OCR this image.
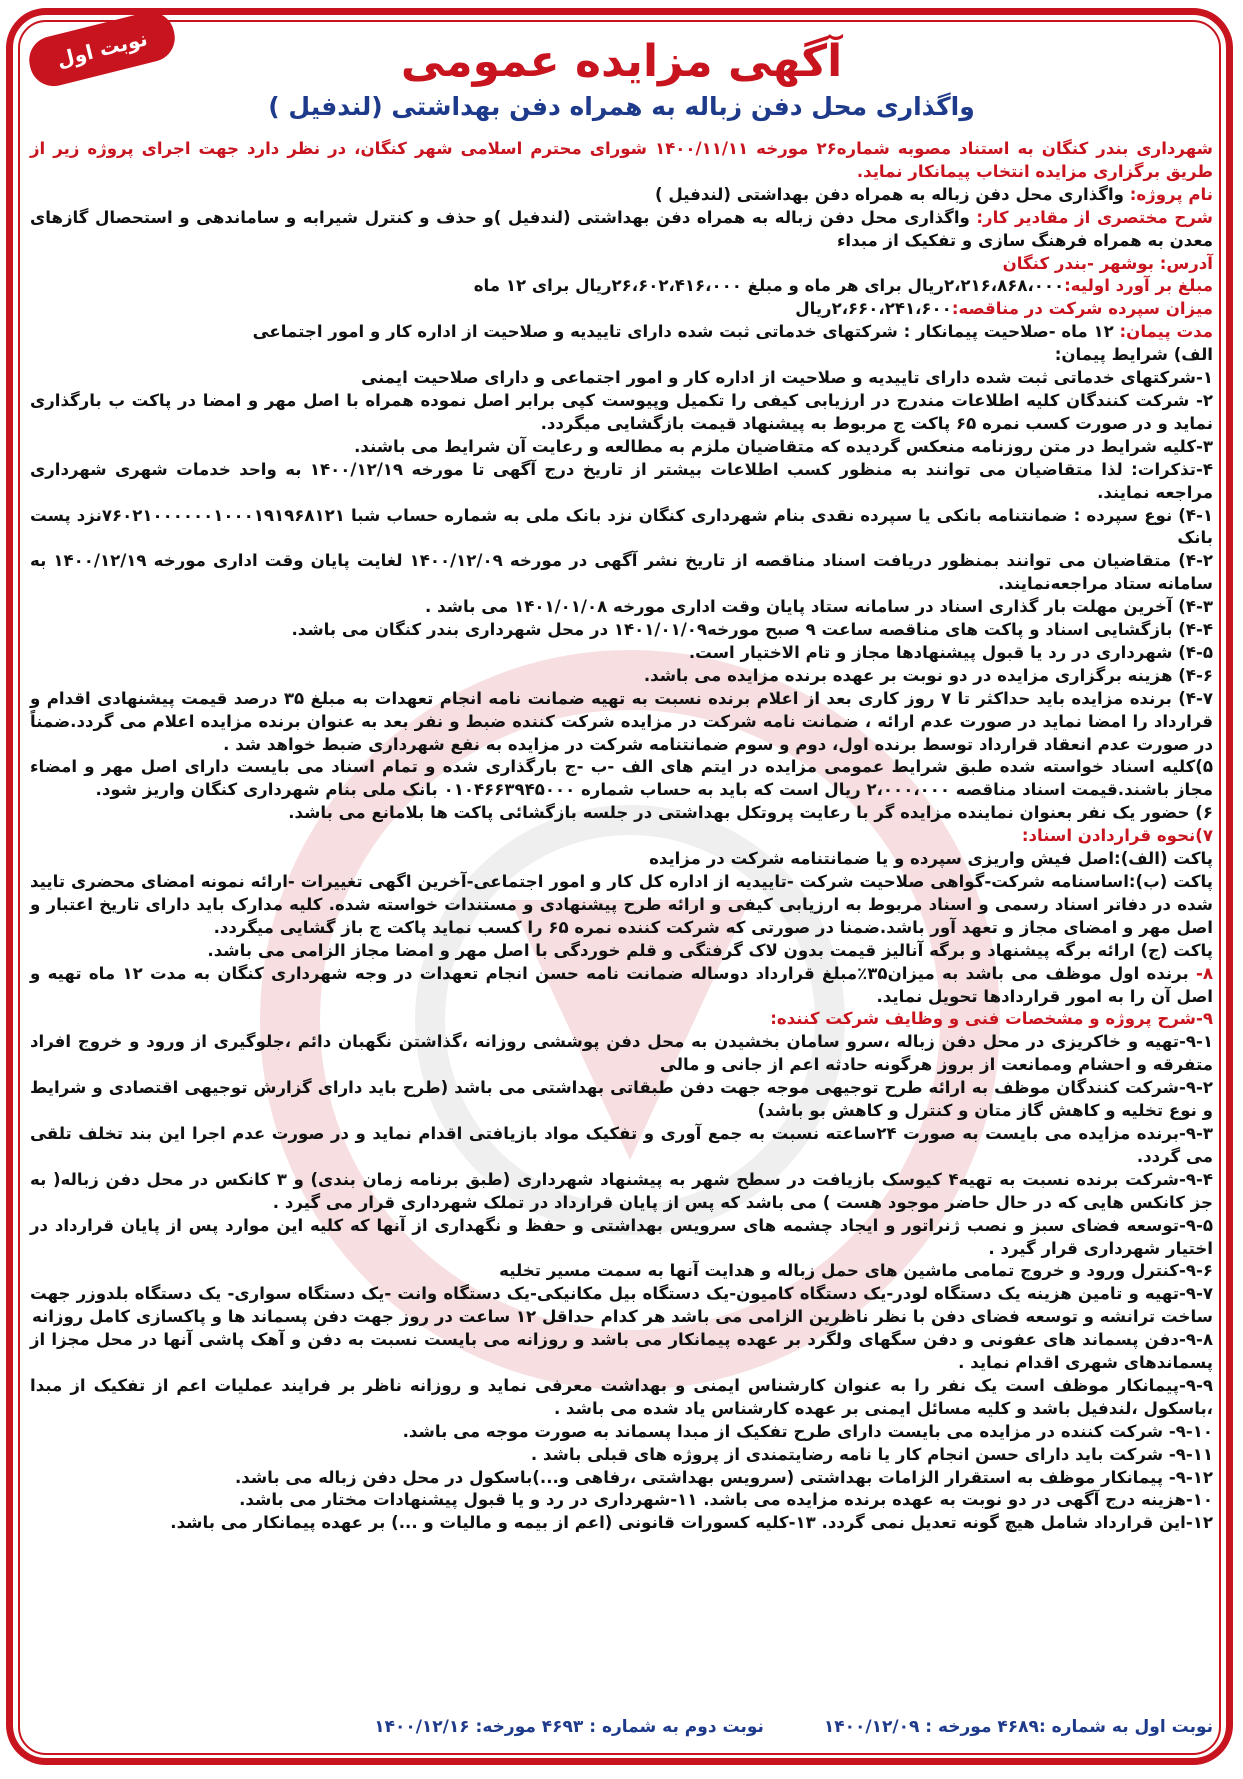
نوبت اول	آگهی مزایده عمومی
واگذاری محل دفن زباله به همراه دفن بهداشتی (لندفیل )

شهرداری بندر کنگان به استناد مصوبه شماره۲۶ مورخه ۱۴۰۰/۱۱/۱۱ شورای محترم اسلامی شهر کنگان، در نظر دارد جهت اجرای پروژه زیر از طریق برگزاری مزایده انتخاب پیمانکار نماید.

نام پروژه: واگذاری محل دفن زباله به همراه دفن بهداشتی (لندفیل )

شرح مختصری از مقادیر کار: واگذاری محل دفن زباله به همراه دفن بهداشتی (لندفیل )و حذف و کنترل شیرابه و ساماندهی و استحصال گازهای معدن به همراه فرهنگ سازی و تفکیک از مبداء

آدرس: بوشهر -بندر کنگان

مبلغ بر آورد اولیه:۲،۲۱۶،۸۶۸،۰۰۰ریال برای هر ماه و مبلغ ۲۶،۶۰۲،۴۱۶،۰۰۰ریال برای ۱۲ ماه

میزان سپرده شرکت در مناقصه:۲،۶۶۰،۲۴۱،۶۰۰ریال

مدت پیمان: ۱۲ ماه -صلاحیت پیمانکار : شرکتهای خدماتی ثبت شده دارای تاییدیه و صلاحیت از اداره کار و امور اجتماعی

الف) شرایط پیمان:

۱-شرکتهای خدماتی ثبت شده دارای تاییدیه و صلاحیت از اداره کار و امور اجتماعی و دارای صلاحیت ایمنی

۲- شرکت کنندگان کلیه اطلاعات مندرج در ارزیابی کیفی را تکمیل وپیوست کپی برابر اصل نموده همراه با اصل مهر و امضا در پاکت ب بارگذاری نماید و در صورت کسب نمره ۶۵ پاکت ج مربوط به پیشنهاد قیمت بازگشایی میگردد.

۳-کلیه شرایط در متن روزنامه منعکس گردیده که متقاضیان ملزم به مطالعه و رعایت آن شرایط می باشند.

۴-تذکرات: لذا متقاضیان می توانند به منظور کسب اطلاعات بیشتر از تاریخ درج آگهی تا مورخه ۱۴۰۰/۱۲/۱۹ به واحد خدمات شهری شهرداری مراجعه نمایند.

۴-۱) نوع سپرده : ضمانتنامه بانکی یا سپرده نقدی بنام شهرداری کنگان نزد بانک ملی به شماره حساب شبا ۷۶۰۲۱۰۰۰۰۰۰۱۰۰۰۱۹۱۹۶۸۱۲۱نزد پست بانک

۴-۲) متقاضیان می توانند بمنظور دریافت اسناد مناقصه از تاریخ نشر آگهی در مورخه ۱۴۰۰/۱۲/۰۹ لغایت پایان وقت اداری مورخه ۱۴۰۰/۱۲/۱۹ به سامانه ستاد مراجعه‌نمایند.

۴-۳) آخرین مهلت بار گذاری اسناد در سامانه ستاد پایان وقت اداری مورخه ۱۴۰۱/۰۱/۰۸ می باشد .

۴-۴) بازگشایی اسناد و پاکت های مناقصه ساعت ۹ صبح مورخه۱۴۰۱/۰۱/۰۹ در محل شهرداری بندر کنگان می باشد.

۴-۵) شهرداری در رد یا قبول پیشنهادها مجاز و تام الاختیار است.

۴-۶) هزینه برگزاری مزایده در دو نوبت بر عهده برنده مزایده می باشد.

۴-۷) برنده مزایده باید حداکثر تا ۷ روز کاری بعد از اعلام برنده نسبت به تهیه ضمانت نامه انجام تعهدات به مبلغ ۳۵ درصد قیمت پیشنهادی اقدام و قرارداد را امضا نماید در صورت عدم ارائه ، ضمانت نامه شرکت در مزایده شرکت کننده ضبط و نفر بعد به عنوان برنده مزایده اعلام می گردد.ضمناً در صورت عدم انعقاد قرارداد توسط برنده اول، دوم و سوم ضمانتنامه شرکت در مزایده به نفع شهرداری ضبط خواهد شد .

۵)کلیه اسناد خواسته شده طبق شرایط عمومی مزایده در ایتم های الف -ب -ج بارگذاری شده و تمام اسناد می بایست دارای اصل مهر و امضاء مجاز باشند.قیمت اسناد مناقصه ۲،۰۰۰،۰۰۰ ریال است که باید به حساب شماره ۰۱۰۴۶۶۳۹۴۵۰۰۰ بانک ملی بنام شهرداری کنگان واریز شود.

۶) حضور یک نفر بعنوان نماینده مزایده گر با رعایت پروتکل بهداشتی در جلسه بازگشائی پاکت ها بلامانع می باشد.

۷)نحوه قراردادن اسناد:

پاکت (الف):اصل فیش واریزی سپرده و یا ضمانتنامه شرکت در مزایده

پاکت (ب):اساسنامه شرکت-گواهی صلاحیت شرکت -تاییدیه از اداره کل کار و امور اجتماعی-آخرین اگهی تغییرات -ارائه نمونه امضای محضری تایید شده در دفاتر اسناد رسمی و اسناد مربوط به ارزیابی کیفی و ارائه طرح پیشنهادی و مستندات خواسته شده. کلیه مدارک باید دارای تاریخ اعتبار و اصل مهر و امضای مجاز و تعهد آور باشد.ضمنا در صورتی که شرکت کننده نمره ۶۵ را کسب نماید پاکت ج باز گشایی میگردد.

پاکت (ج) ارائه برگه پیشنهاد و برگه آنالیز قیمت بدون لاک گرفتگی و قلم خوردگی با اصل مهر و امضا مجاز الزامی می باشد.

۸- برنده اول موظف می باشد به میزان۳۵٪مبلغ قرارداد دوساله ضمانت نامه حسن انجام تعهدات در وجه شهرداری کنگان به مدت ۱۲ ماه تهیه و اصل آن را به امور قراردادها تحویل نماید.

۹-شرح پروژه و مشخصات فنی و وظایف شرکت کننده:

۹-۱-تهیه و خاکریزی در محل دفن زباله ،سرو سامان بخشیدن به محل دفن پوششی روزانه ،گذاشتن نگهبان دائم ،جلوگیری از ورود و خروج افراد متفرقه و احشام وممانعت از بروز هرگونه حادثه اعم از جانی و مالی

۹-۲-شرکت کنندگان موظف به ارائه طرح توجیهی موجه جهت دفن طبقاتی بهداشتی می باشد (طرح باید دارای گزارش توجیهی اقتصادی و شرایط و نوع تخلیه و کاهش گاز متان و کنترل و کاهش بو باشد)

۹-۳-برنده مزایده می بایست به صورت ۲۴ساعته نسبت به جمع آوری و تفکیک مواد بازیافتی اقدام نماید و در صورت عدم اجرا این بند تخلف تلقی می گردد.

۹-۴-شرکت برنده نسبت به تهیه۴ کیوسک بازیافت در سطح شهر به پیشنهاد شهرداری (طبق برنامه زمان بندی) و ۳ کانکس در محل دفن زباله( به جز کانکس هایی که در حال حاضر موجود هست ) می باشد که پس از پایان قرارداد در تملک شهرداری قرار می گیرد .

۹-۵-توسعه فضای سبز و نصب ژنراتور و ایجاد چشمه های سرویس بهداشتی و حفظ و نگهداری از آنها که کلیه این موارد پس از پایان قرارداد در اختیار شهرداری قرار گیرد .

۹-۶-کنترل ورود و خروج تمامی ماشین های حمل زباله و هدایت آنها به سمت مسیر تخلیه

۹-۷-تهیه و تامین هزینه یک دستگاه لودر-یک دستگاه کامیون-یک دستگاه بیل مکانیکی-یک دستگاه وانت -یک دستگاه سواری- یک دستگاه بلدوزر جهت ساخت ترانشه و توسعه فضای دفن با نظر ناظرین الزامی می باشد هر کدام حداقل ۱۲ ساعت در روز جهت دفن پسماند ها و پاکسازی کامل روزانه

۹-۸-دفن پسماند های عفونی و دفن سگهای ولگرد بر عهده پیمانکار می باشد و روزانه می بایست نسبت به دفن و آهک پاشی آنها در محل مجزا از پسماندهای شهری اقدام نماید .

۹-۹-پیمانکار موظف است یک نفر را به عنوان کارشناس ایمنی و بهداشت معرفی نماید و روزانه ناظر بر فرایند عملیات اعم از تفکیک از مبدا ،باسکول ،لندفیل باشد و کلیه مسائل ایمنی بر عهده کارشناس یاد شده می باشد .

۹-۱۰- شرکت کننده در مزایده می بایست دارای طرح تفکیک از مبدا پسماند به صورت موجه می باشد.

۹-۱۱- شرکت باید دارای حسن انجام کار یا نامه رضایتمندی از پروژه های قبلی باشد .

۹-۱۲- پیمانکار موظف به استقرار الزامات بهداشتی (سرویس بهداشتی ،رفاهی و...)باسکول در محل دفن زباله می باشد.

۱۰-هزینه درج آگهی در دو نوبت به عهده برنده مزایده می باشد. ۱۱-شهرداری در رد و یا قبول پیشنهادات مختار می باشد.

۱۲-این قرارداد شامل هیچ گونه تعدیل نمی گردد. ۱۳-کلیه کسورات قانونی (اعم از بیمه و مالیات و ...) بر عهده پیمانکار می باشد.

نوبت اول به شماره :۴۶۸۹ مورخه : ۱۴۰۰/۱۲/۰۹
نوبت دوم به شماره : ۴۶۹۳ مورخه: ۱۴۰۰/۱۲/۱۶
